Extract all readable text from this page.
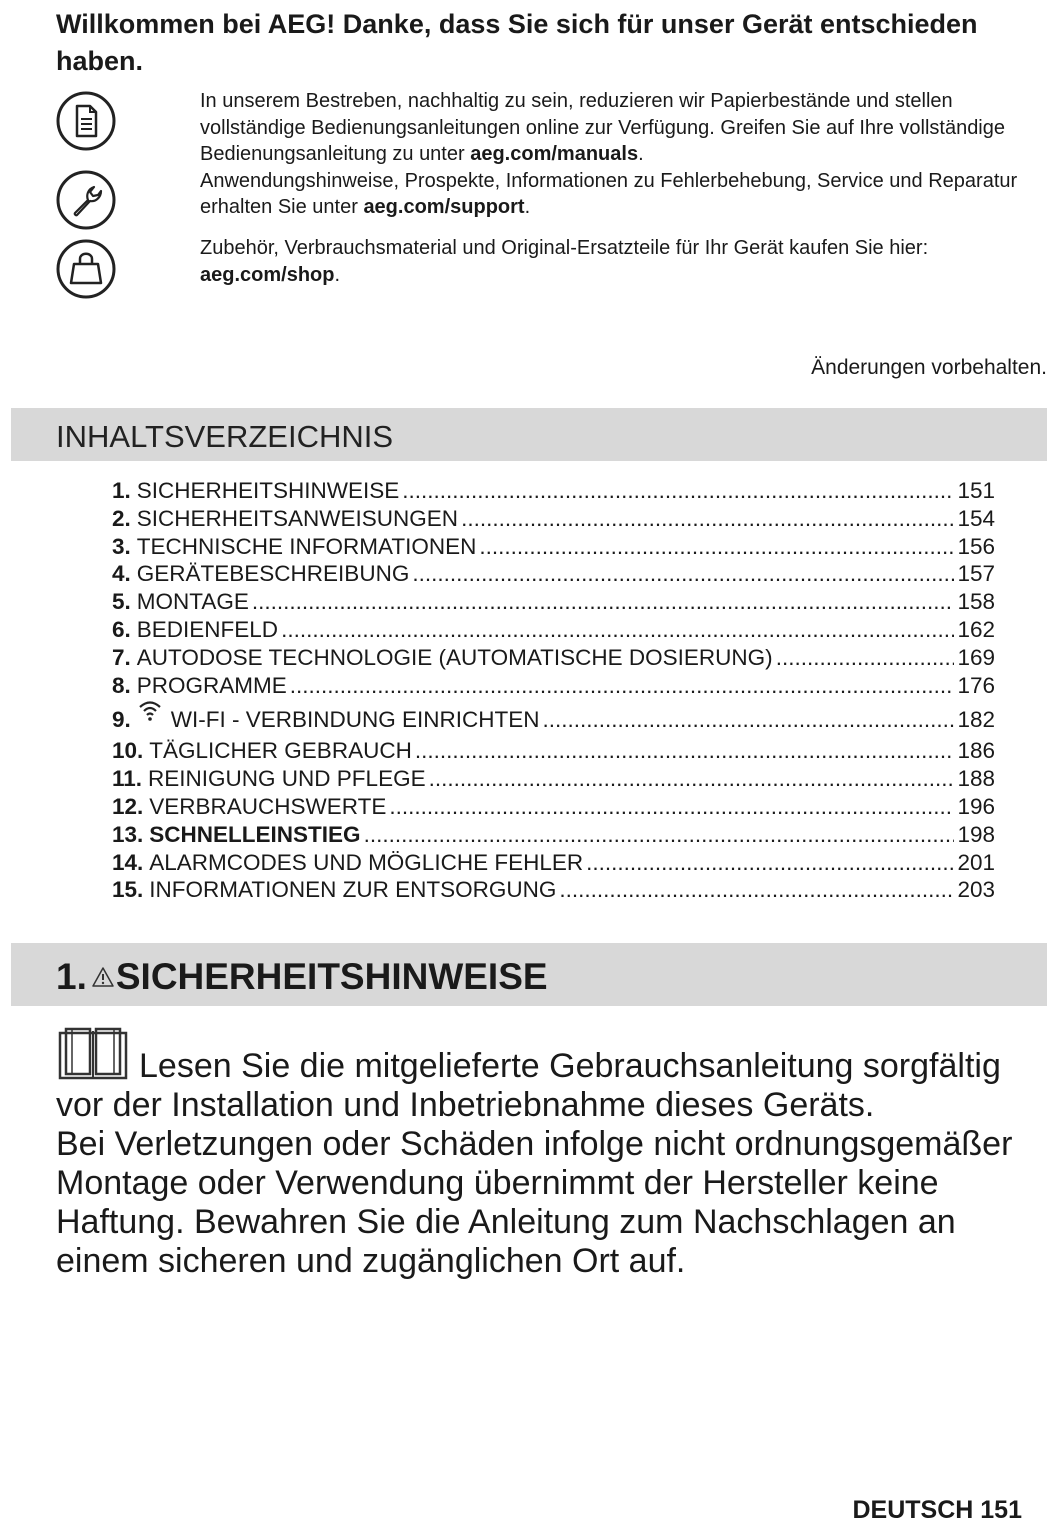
Willkommen bei AEG! Danke, dass Sie sich für unser Gerät entschieden haben.
In unserem Bestreben, nachhaltig zu sein, reduzieren wir Papierbestände und stellen vollständige Bedienungsanleitungen online zur Verfügung. Greifen Sie auf Ihre vollständige Bedienungsanleitung zu unter aeg.com/manuals.
Anwendungshinweise, Prospekte, Informationen zu Fehlerbehebung, Service und Reparatur erhalten Sie unter aeg.com/support.
Zubehör, Verbrauchsmaterial und Original-Ersatzteile für Ihr Gerät kaufen Sie hier: aeg.com/shop.
Änderungen vorbehalten.
INHALTSVERZEICHNIS
1. SICHERHEITSHINWEISE .....	151
2. SICHERHEITSANWEISUNGEN .....	154
3. TECHNISCHE INFORMATIONEN .....	156
4. GERÄTEBESCHREIBUNG .....	157
5. MONTAGE .....	158
6. BEDIENFELD .....	162
7. AUTODOSE TECHNOLOGIE (AUTOMATISCHE DOSIERUNG) .....	169
8. PROGRAMME .....	176
9. WI-FI - VERBINDUNG EINRICHTEN .....	182
10. TÄGLICHER GEBRAUCH .....	186
11. REINIGUNG UND PFLEGE .....	188
12. VERBRAUCHSWERTE .....	196
13. SCHNELLEINSTIEG .....	198
14. ALARMCODES UND MÖGLICHE FEHLER .....	201
15. INFORMATIONEN ZUR ENTSORGUNG .....	203
1. SICHERHEITSHINWEISE

Lesen Sie die mitgelieferte Gebrauchsanleitung sorgfältig vor der Installation und Inbetriebnahme dieses Geräts.

Bei Verletzungen oder Schäden infolge nicht ordnungsgemäßer Montage oder Verwendung übernimmt der Hersteller keine Haftung. Bewahren Sie die Anleitung zum Nachschlagen an einem sicheren und zugänglichen Ort auf.

DEUTSCH 151
